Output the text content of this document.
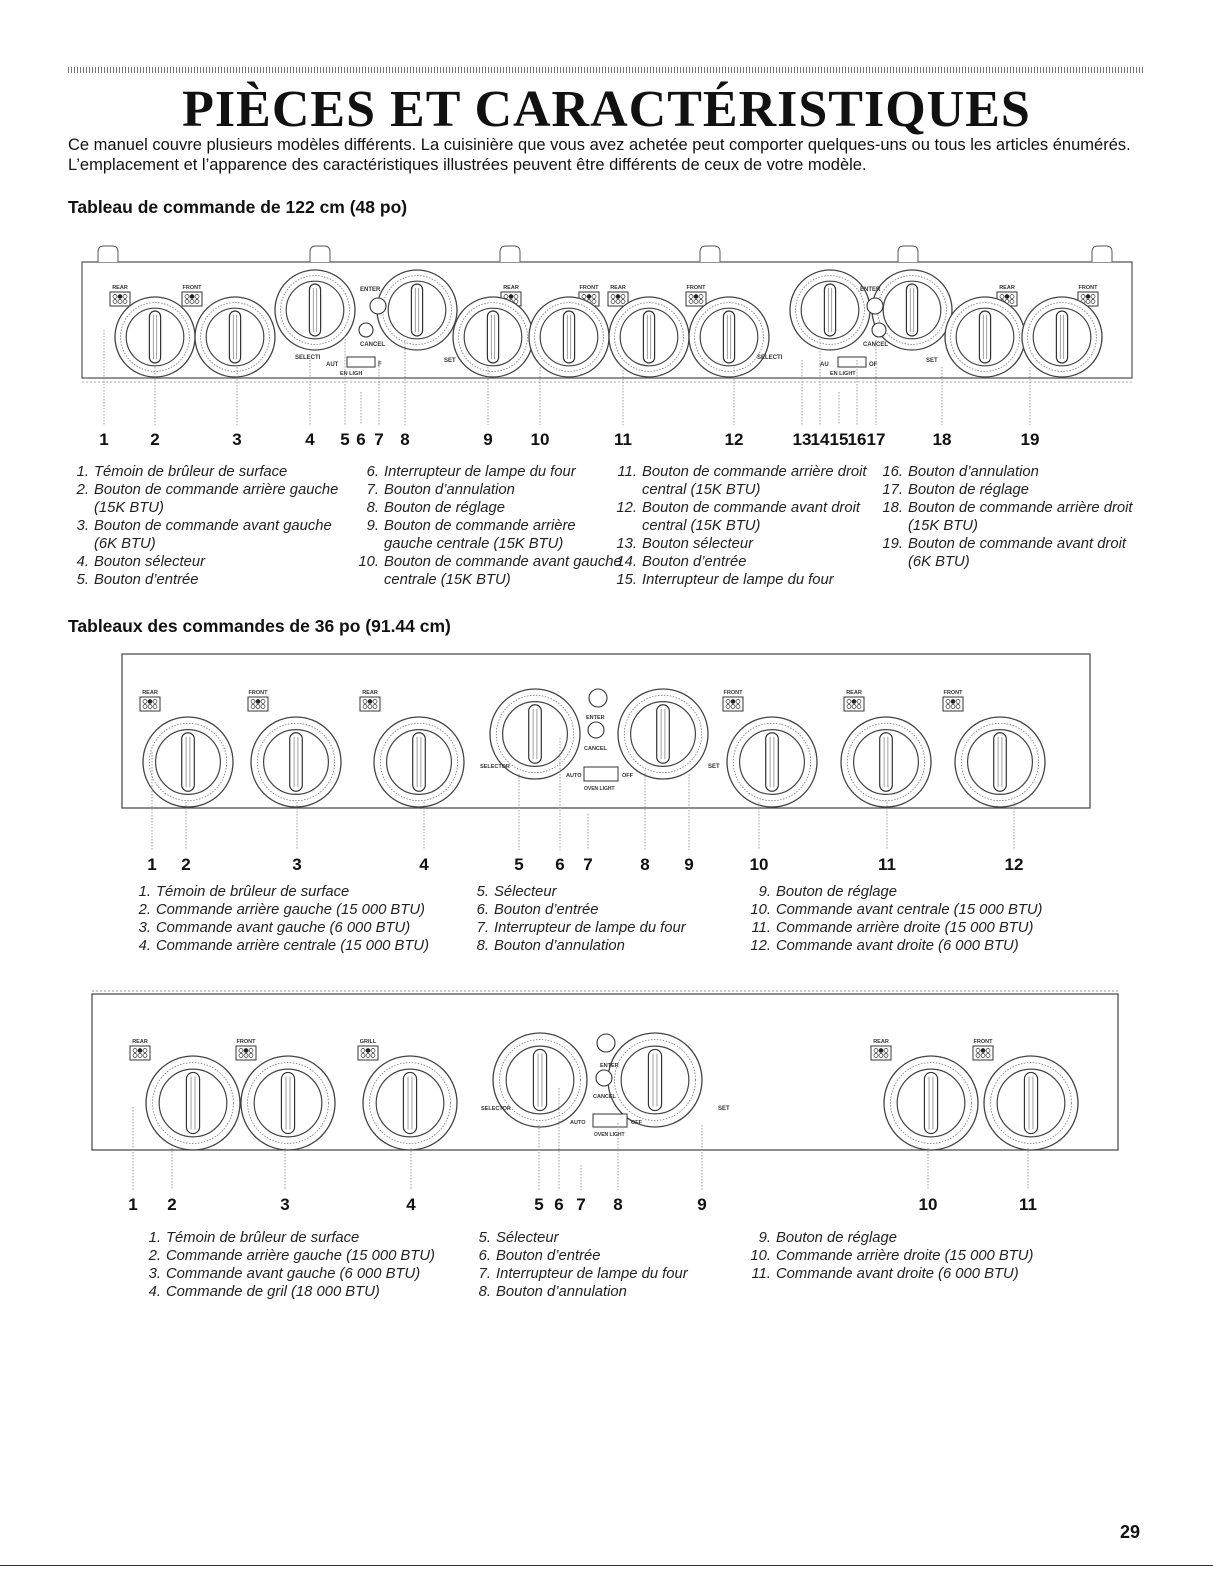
PIÈCES ET CARACTÉRISTIQUES

Ce manuel couvre plusieurs modèles différents. La cuisinière que vous avez achetée peut comporter quelques-uns ou tous les articles énumérés. L’emplacement et l’apparence des caractéristiques illustrées peuvent être différents de ceux de votre modèle.

Tableau de commande de 122 cm (48 po)
REAR	FRONT	REAR	FRONT REAR	FRONT	REAR	FRONT
ENTER
CANCEL
SELECTI
AUT	F
EN LIGH
SET
ENTER
CANCEL
SELECTI
AU	OF
EN LIGHT
SET
1 2	3	4 5 6 7 8	9 10	11	12	13 14 15 16 17	18	19
1. Témoin de brûleur de surface
2. Bouton de commande arrière gauche (15K BTU)
3. Bouton de commande avant gauche (6K BTU)
4. Bouton sélecteur
5. Bouton d’entrée
6. Interrupteur de lampe du four
7. Bouton d’annulation
8. Bouton de réglage
9. Bouton de commande arrière gauche centrale (15K BTU)
10. Bouton de commande avant gauche centrale (15K BTU)
11. Bouton de commande arrière droit central (15K BTU)
12. Bouton de commande avant droit central (15K BTU)
13. Bouton sélecteur
14. Bouton d’entrée
15. Interrupteur de lampe du four
16. Bouton d’annulation
17. Bouton de réglage
18. Bouton de commande arrière droit (15K BTU)
19. Bouton de commande avant droit (6K BTU)
Tableaux des commandes de 36 po (91.44 cm)
REAR	FRONT	REAR	FRONT	REAR	FRONT
ENTER
CANCEL
SELECTOR
AUTO	OFF
OVEN LIGHT
SET
1 2	3	4	5 6 7	8 9	10	11	12
1. Témoin de brûleur de surface
2. Commande arrière gauche (15 000 BTU)
3. Commande avant gauche (6 000 BTU)
4. Commande arrière centrale (15 000 BTU)
5. Sélecteur
6. Bouton d’entrée
7. Interrupteur de lampe du four
8. Bouton d’annulation
9. Bouton de réglage
10. Commande avant centrale (15 000 BTU)
11. Commande arrière droite (15 000 BTU)
12. Commande avant droite (6 000 BTU)
REAR	FRONT	GRILL	REAR	FRONT
ENTER
CANCEL
SELECTOR
AUTO	OFF
OVEN LIGHT
SET
1 2	3	4	5 6 7 8	9	10	11
1. Témoin de brûleur de surface
2. Commande arrière gauche (15 000 BTU)
3. Commande avant gauche (6 000 BTU)
4. Commande de gril (18 000 BTU)
5. Sélecteur
6. Bouton d’entrée
7. Interrupteur de lampe du four
8. Bouton d’annulation
9. Bouton de réglage
10. Commande arrière droite (15 000 BTU)
11. Commande avant droite (6 000 BTU)
29
